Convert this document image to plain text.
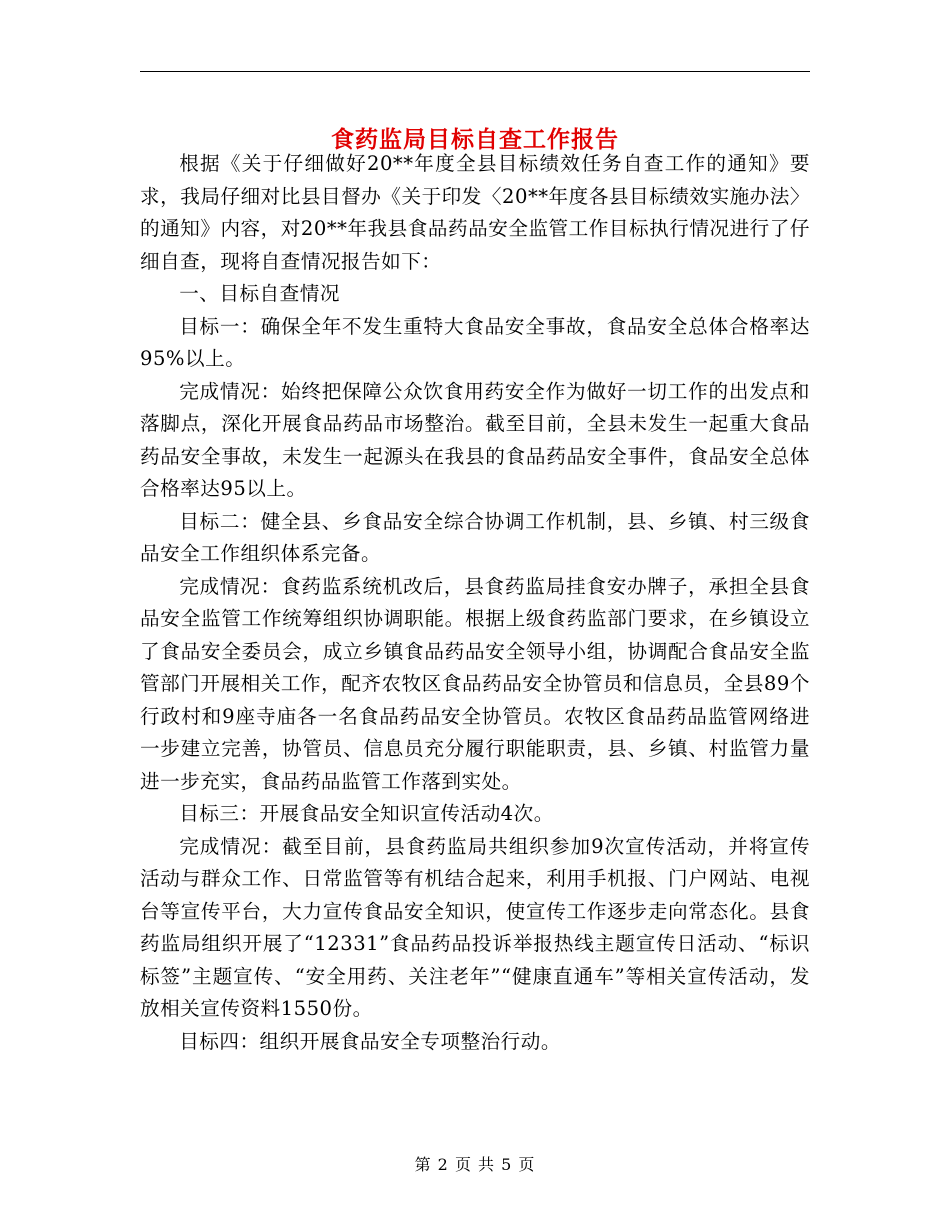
食药监局目标自查工作报告

根据《关于仔细做好20**年度全县目标绩效任务自查工作的通知》要求，我局仔细对比县目督办《关于印发〈20**年度各县目标绩效实施办法〉的通知》内容，对20**年我县食品药品安全监管工作目标执行情况进行了仔细自查，现将自查情况报告如下：

一、目标自查情况

目标一：确保全年不发生重特大食品安全事故，食品安全总体合格率达95%以上。

完成情况：始终把保障公众饮食用药安全作为做好一切工作的出发点和落脚点，深化开展食品药品市场整治。截至目前，全县未发生一起重大食品药品安全事故，未发生一起源头在我县的食品药品安全事件，食品安全总体合格率达95以上。

目标二：健全县、乡食品安全综合协调工作机制，县、乡镇、村三级食品安全工作组织体系完备。

完成情况：食药监系统机改后，县食药监局挂食安办牌子，承担全县食品安全监管工作统筹组织协调职能。根据上级食药监部门要求，在乡镇设立了食品安全委员会，成立乡镇食品药品安全领导小组，协调配合食品安全监管部门开展相关工作，配齐农牧区食品药品安全协管员和信息员，全县89个行政村和9座寺庙各一名食品药品安全协管员。农牧区食品药品监管网络进一步建立完善，协管员、信息员充分履行职能职责，县、乡镇、村监管力量进一步充实，食品药品监管工作落到实处。

目标三：开展食品安全知识宣传活动4次。

完成情况：截至目前，县食药监局共组织参加9次宣传活动，并将宣传活动与群众工作、日常监管等有机结合起来，利用手机报、门户网站、电视台等宣传平台，大力宣传食品安全知识，使宣传工作逐步走向常态化。县食药监局组织开展了“12331”食品药品投诉举报热线主题宣传日活动、“标识标签”主题宣传、“安全用药、关注老年”“健康直通车”等相关宣传活动，发放相关宣传资料1550份。

目标四：组织开展食品安全专项整治行动。

第 2 页 共 5 页
